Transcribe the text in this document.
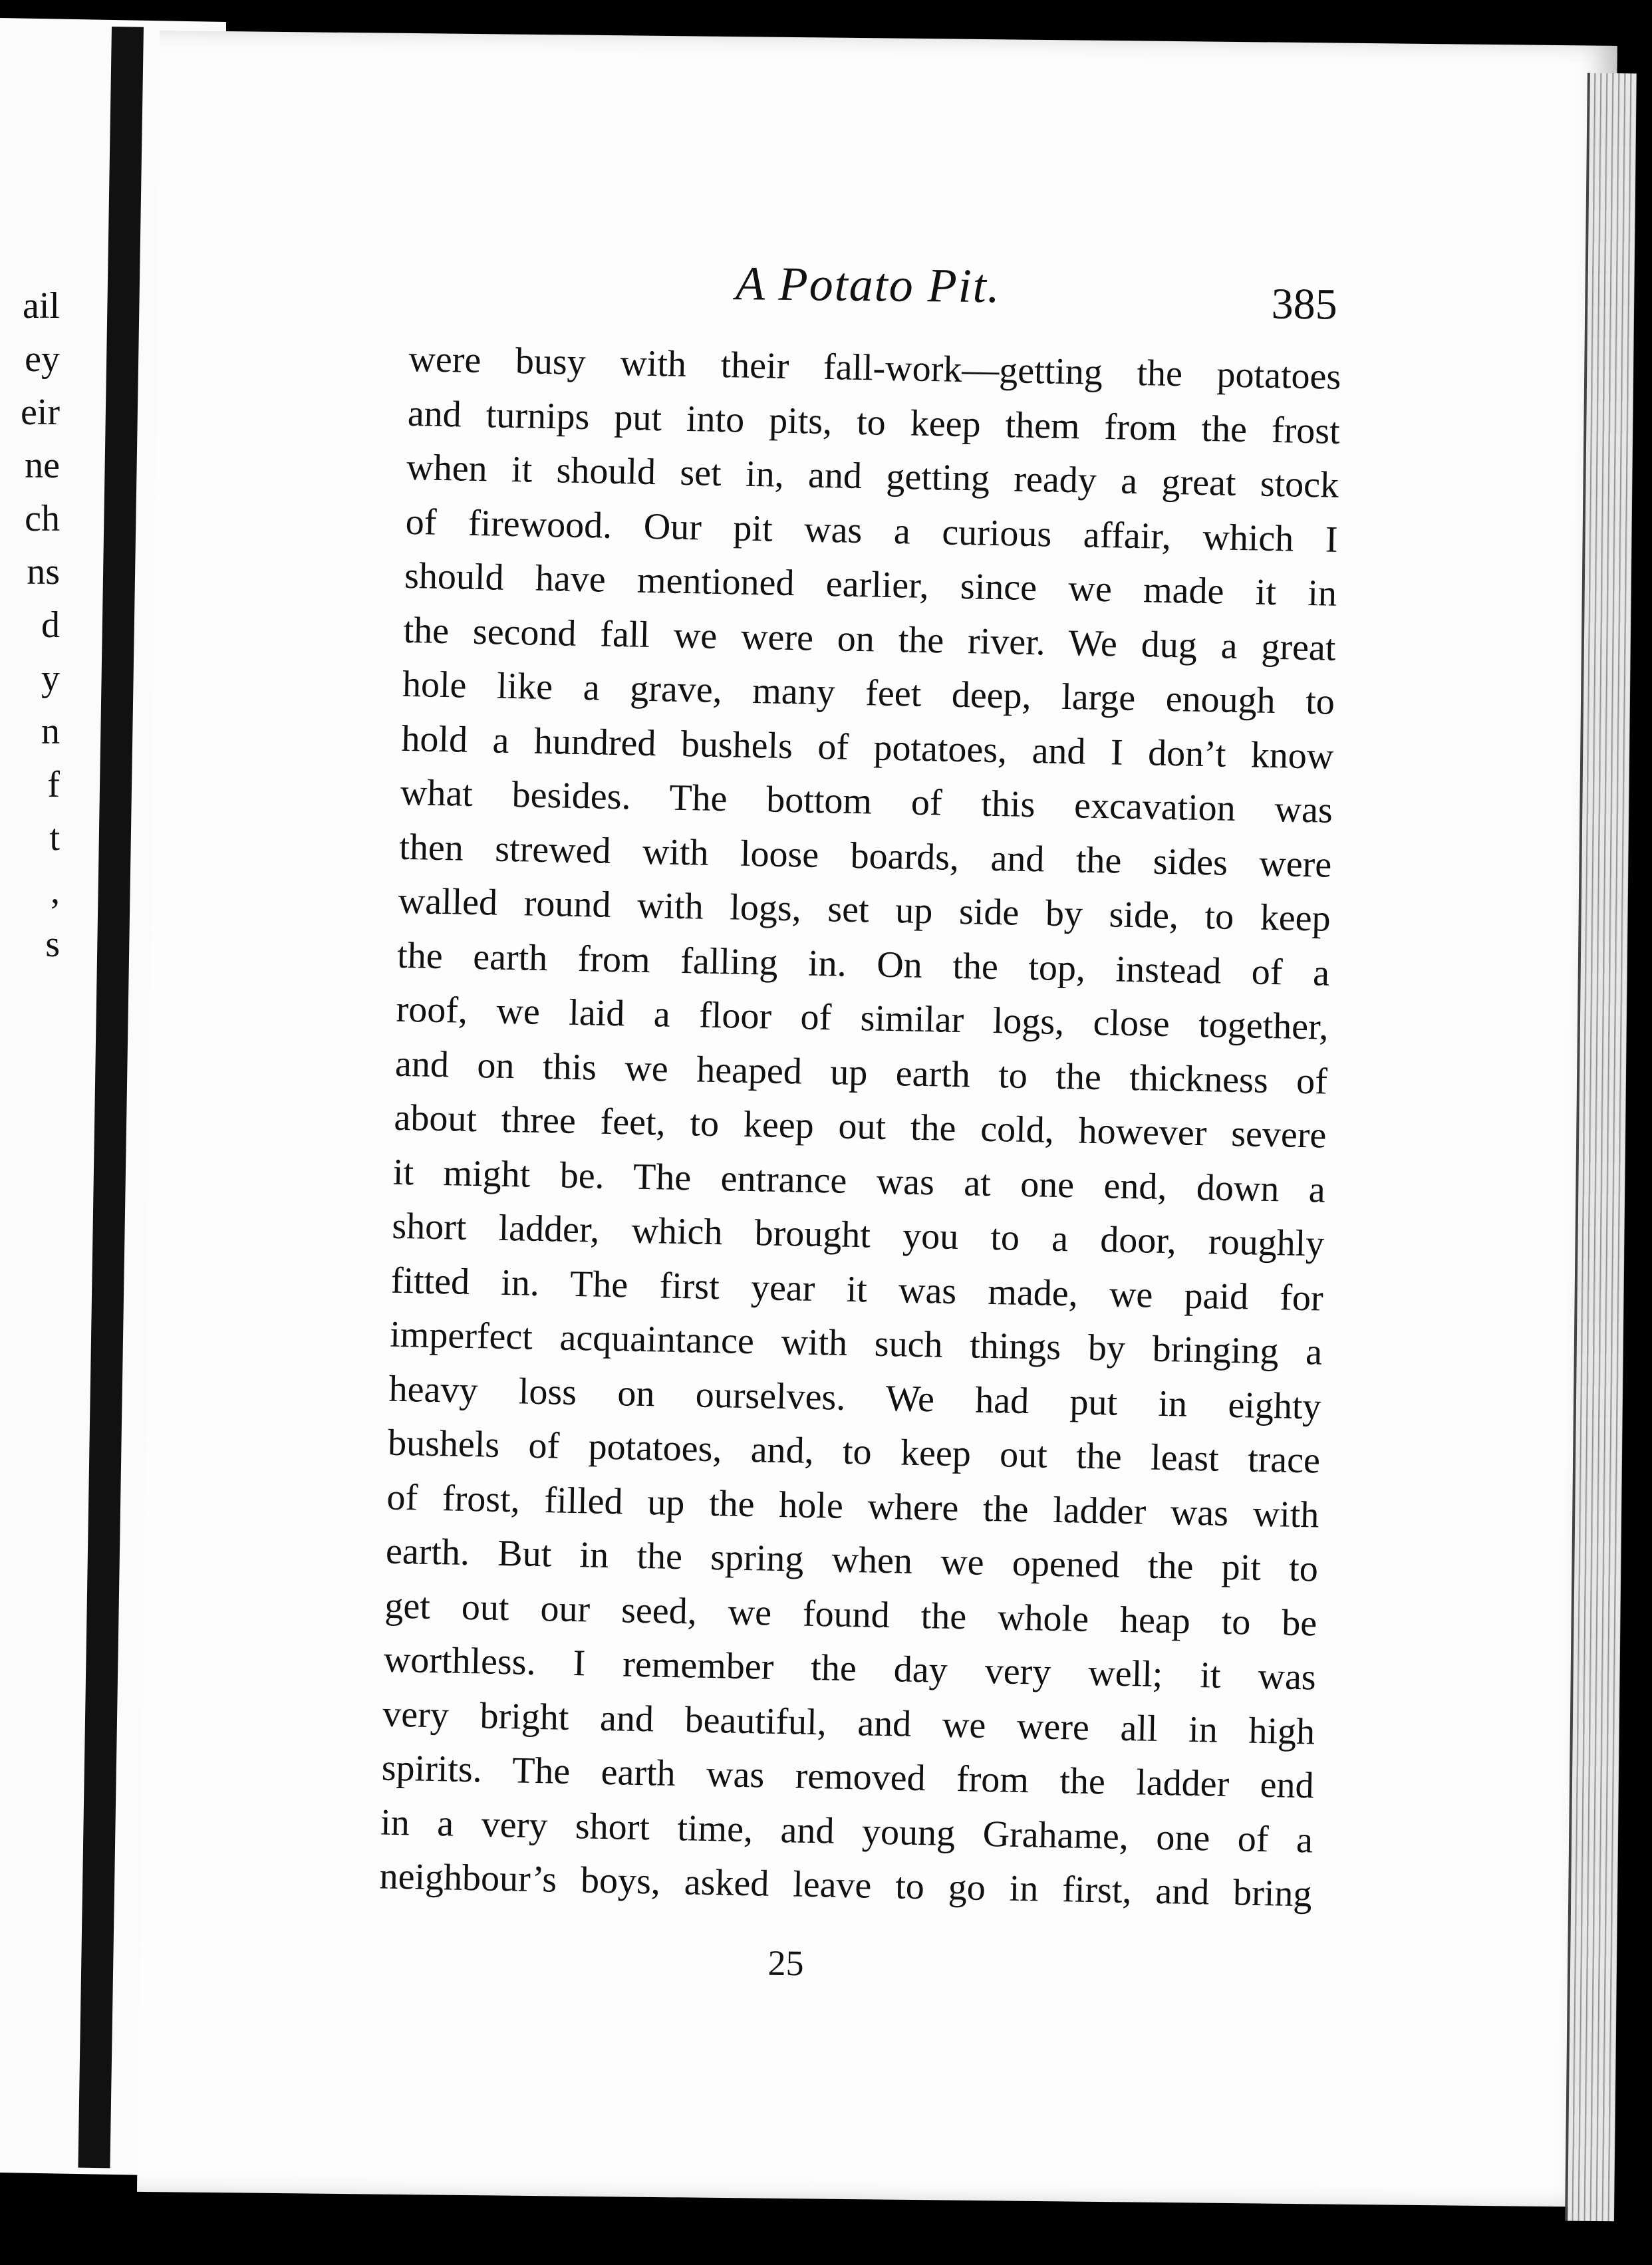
ail
ey
eir
ne
ch
ns
d
y
n
f
t
,
s
A Potato Pit.	385
were busy with their fall-work—getting the potatoes
and turnips put into pits, to keep them from the frost
when it should set in, and getting ready a great stock
of firewood. Our pit was a curious affair, which I
should have mentioned earlier, since we made it in
the second fall we were on the river. We dug a great
hole like a grave, many feet deep, large enough to
hold a hundred bushels of potatoes, and I don’t know
what besides. The bottom of this excavation was
then strewed with loose boards, and the sides were
walled round with logs, set up side by side, to keep
the earth from falling in. On the top, instead of a
roof, we laid a floor of similar logs, close together,
and on this we heaped up earth to the thickness of
about three feet, to keep out the cold, however severe
it might be. The entrance was at one end, down a
short ladder, which brought you to a door, roughly
fitted in. The first year it was made, we paid for
imperfect acquaintance with such things by bringing a
heavy loss on ourselves. We had put in eighty
bushels of potatoes, and, to keep out the least trace
of frost, filled up the hole where the ladder was with
earth. But in the spring when we opened the pit to
get out our seed, we found the whole heap to be
worthless. I remember the day very well; it was
very bright and beautiful, and we were all in high
spirits. The earth was removed from the ladder end
in a very short time, and young Grahame, one of a
neighbour’s boys, asked leave to go in first, and bring
25
